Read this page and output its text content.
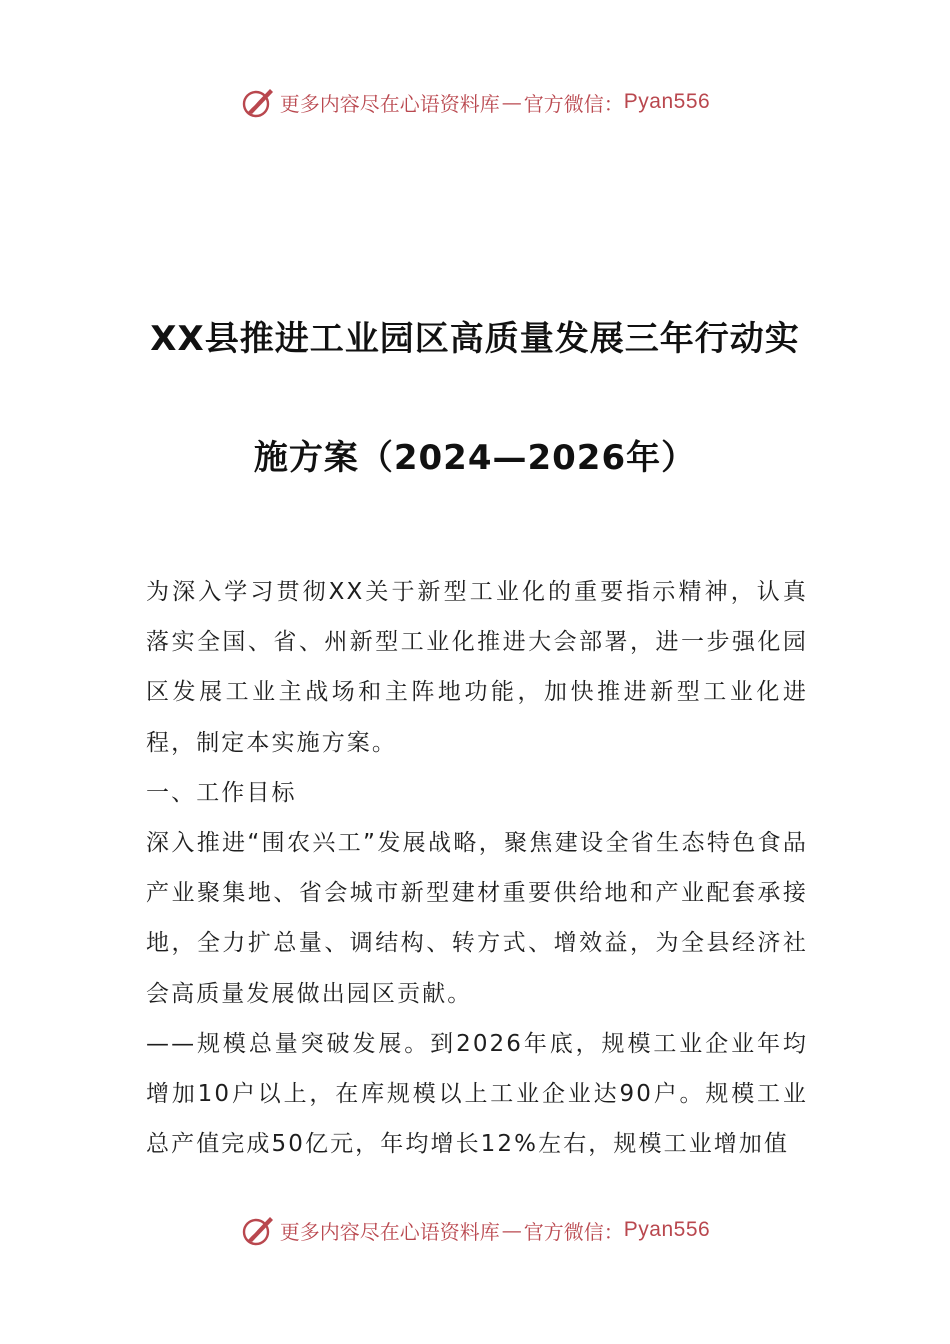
更多内容尽在心语资料库 — 官方微信： Pyan556
XX县推进工业园区高质量发展三年行动实
施方案（2024—2026年）

为深入学习贯彻XX关于新型工业化的重要指示精神，认真落实全国、省、州新型工业化推进大会部署，进一步强化园区发展工业主战场和主阵地功能，加快推进新型工业化进程，制定本实施方案。

一、工作目标

深入推进“围农兴工”发展战略，聚焦建设全省生态特色食品产业聚集地、省会城市新型建材重要供给地和产业配套承接地，全力扩总量、调结构、转方式、增效益，为全县经济社会高质量发展做出园区贡献。

——规模总量突破发展。到2026年底，规模工业企业年均增加10户以上，在库规模以上工业企业达90户。规模工业总产值完成50亿元，年均增长12%左右，规模工业增加值

更多内容尽在心语资料库 — 官方微信： Pyan556
